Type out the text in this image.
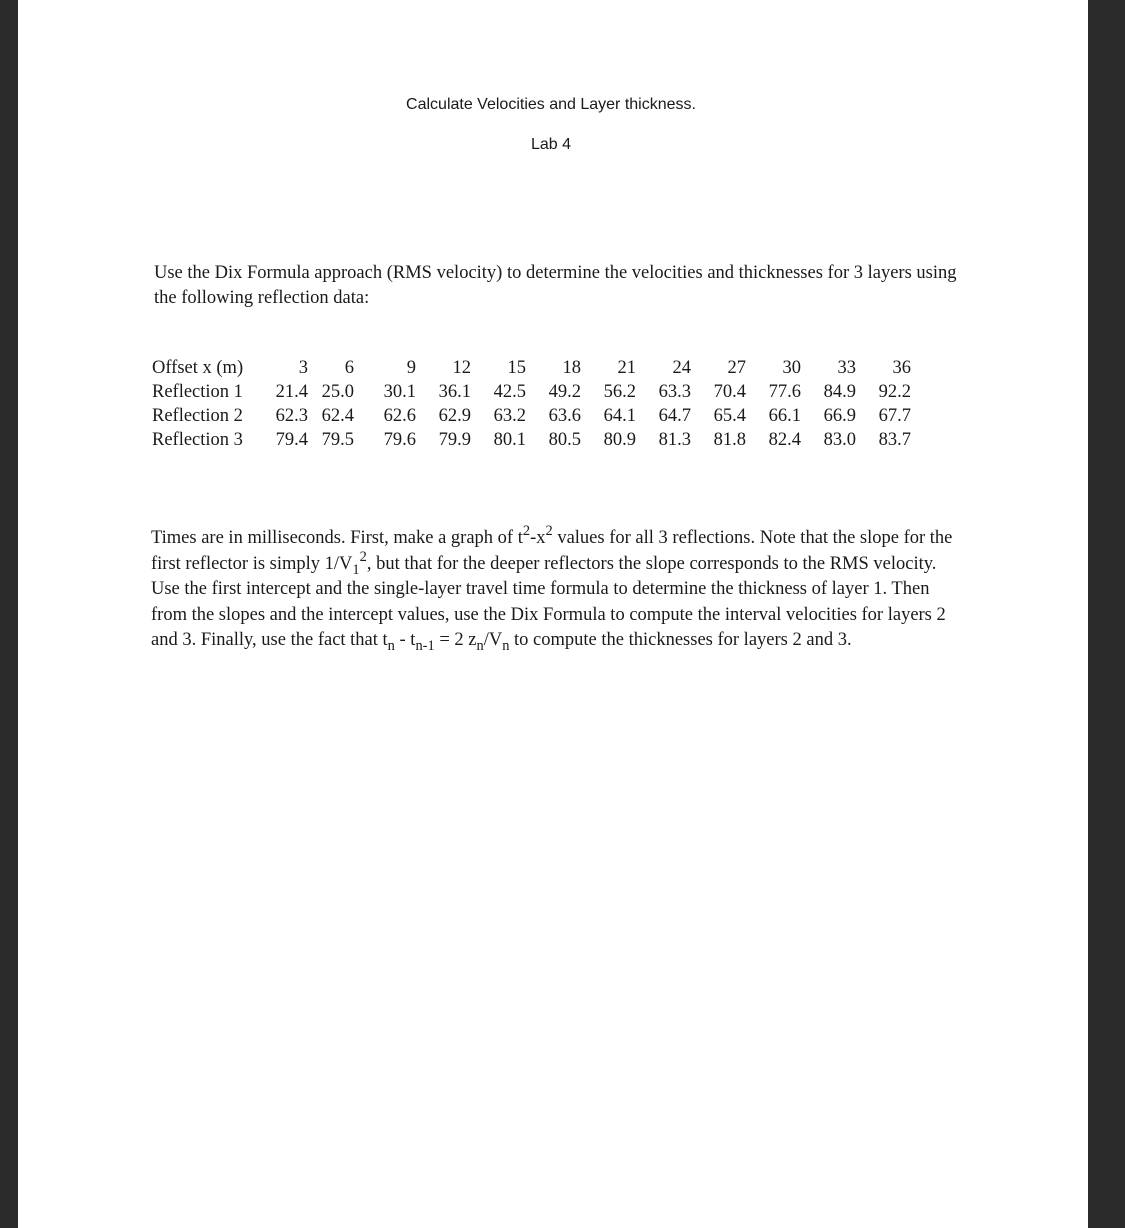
Calculate Velocities and Layer thickness.
Lab 4

Use the Dix Formula approach (RMS velocity) to determine the velocities and thicknesses for 3 layers using the following reflection data:

Offset x (m)	3	6	9	12	15	18	21	24	27	30	33	36
Reflection 1	21.4	25.0	30.1	36.1	42.5	49.2	56.2	63.3	70.4	77.6	84.9	92.2
Reflection 2	62.3	62.4	62.6	62.9	63.2	63.6	64.1	64.7	65.4	66.1	66.9	67.7
Reflection 3	79.4	79.5	79.6	79.9	80.1	80.5	80.9	81.3	81.8	82.4	83.0	83.7

Times are in milliseconds. First, make a graph of $t^2-x^2$ values for all 3 reflections. Note that the slope for the first reflector is simply $1/V_1^2$, but that for the deeper reflectors the slope corresponds to the RMS velocity. Use the first intercept and the single-layer travel time formula to determine the thickness of layer 1. Then from the slopes and the intercept values, use the Dix Formula to compute the interval velocities for layers 2 and 3. Finally, use the fact that $t_n - t_{n-1} = 2$ $z_n/V_n$ to compute the thicknesses for layers 2 and 3.
